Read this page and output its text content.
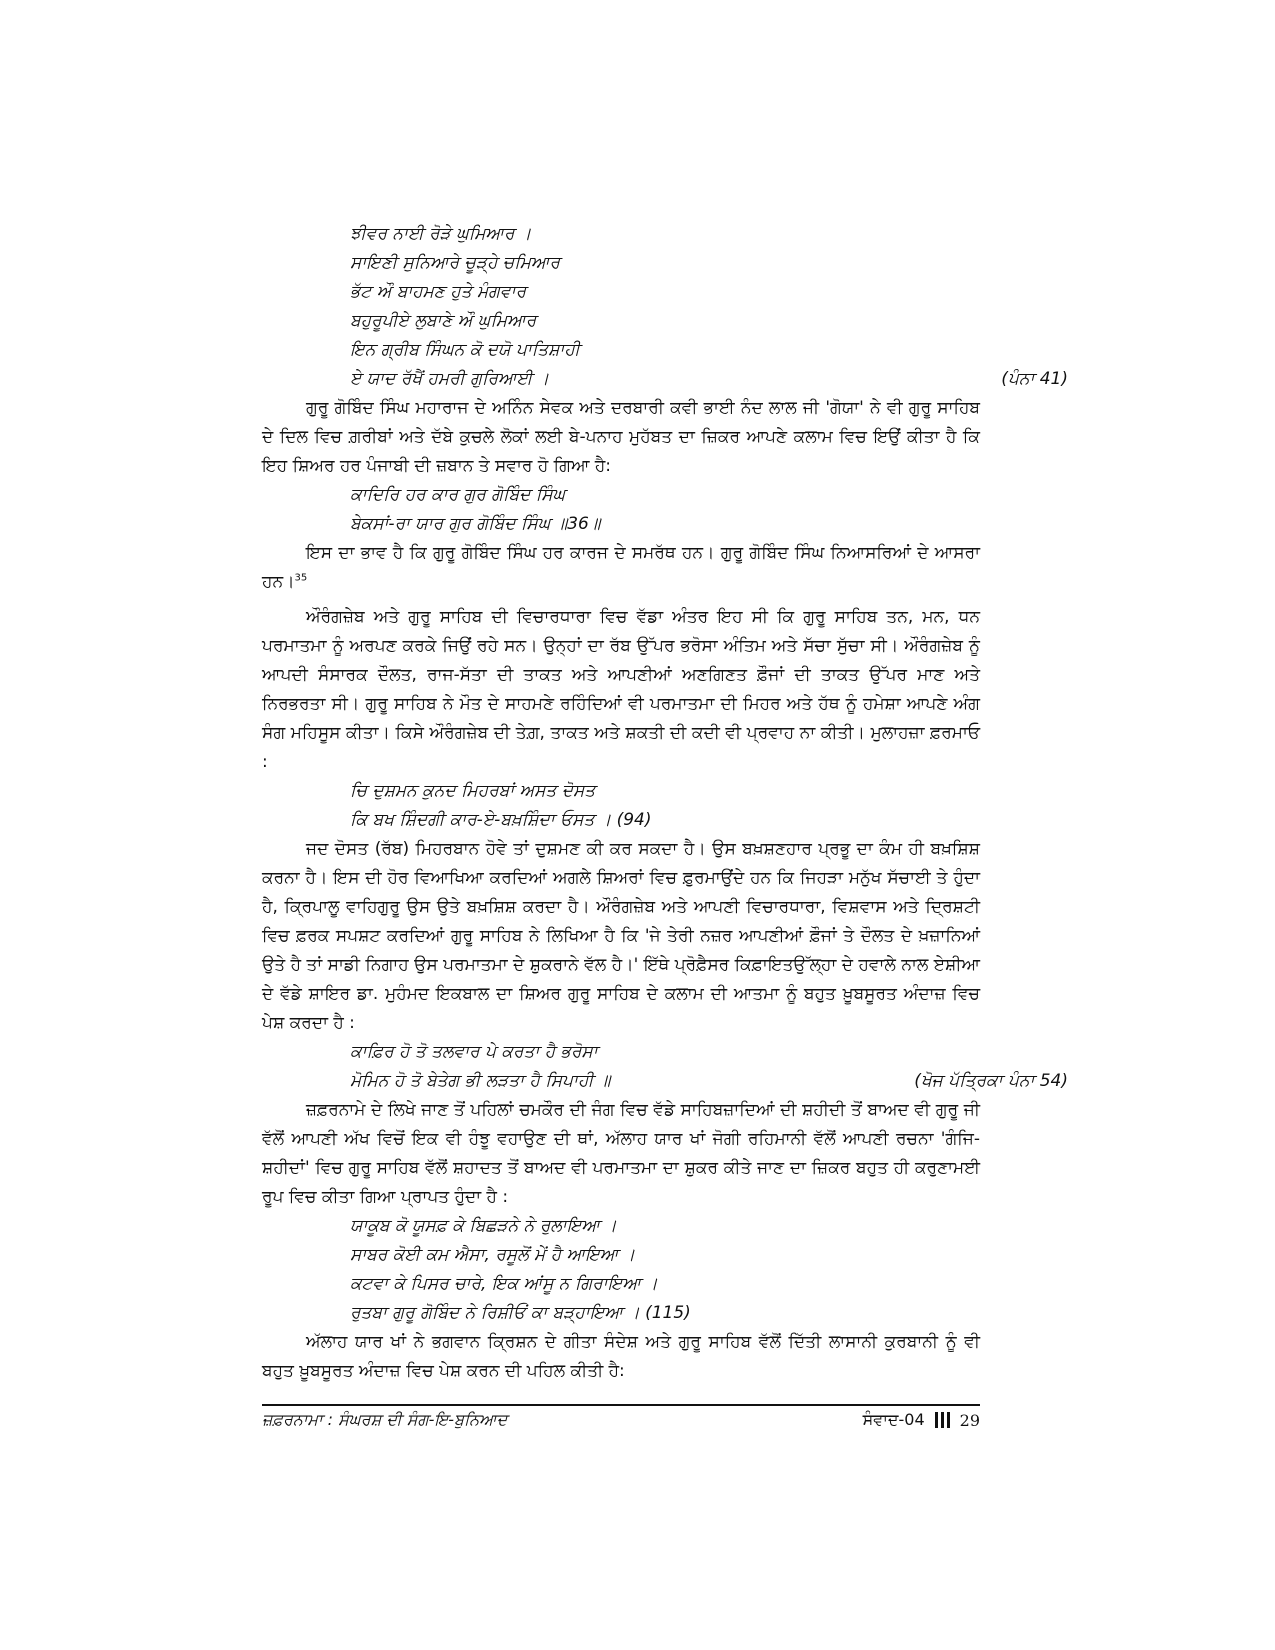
ਝੀਵਰ ਨਾਈ ਰੋੜੇ ਘੁਮਿਆਰ ।
ਸਾਇਣੀ ਸੁਨਿਆਰੇ ਚੂੜ੍ਹੇ ਚਮਿਆਰ
ਭੱਟ ਔ ਬਾਹਮਣ ਹੁਤੇ ਮੰਗਵਾਰ
ਬਹੁਰੂਪੀਏ ਲੁਬਾਣੇ ਔ ਘੁਮਿਆਰ
ਇਨ ਗ੍ਰੀਬ ਸਿੰਘਨ ਕੋ ਦਯੋ ਪਾਤਿਸ਼ਾਹੀ
ਏ ਯਾਦ ਰੱਖੈਂ ਹਮਰੀ ਗੁਰਿਆਈ ।	(ਪੰਨਾ 41)

ਗੁਰੂ ਗੋਬਿੰਦ ਸਿੰਘ ਮਹਾਰਾਜ ਦੇ ਅਨਿੰਨ ਸੇਵਕ ਅਤੇ ਦਰਬਾਰੀ ਕਵੀ ਭਾਈ ਨੰਦ ਲਾਲ ਜੀ 'ਗੋਯਾ' ਨੇ ਵੀ ਗੁਰੂ ਸਾਹਿਬ ਦੇ ਦਿਲ ਵਿਚ ਗ਼ਰੀਬਾਂ ਅਤੇ ਦੱਬੇ ਕੁਚਲੇ ਲੋਕਾਂ ਲਈ ਬੇ-ਪਨਾਹ ਮੁਹੱਬਤ ਦਾ ਜ਼ਿਕਰ ਆਪਣੇ ਕਲਾਮ ਵਿਚ ਇਉਂ ਕੀਤਾ ਹੈ ਕਿ ਇਹ ਸ਼ਿਅਰ ਹਰ ਪੰਜਾਬੀ ਦੀ ਜ਼ਬਾਨ ਤੇ ਸਵਾਰ ਹੋ ਗਿਆ ਹੈ:

ਕਾਦਿਰਿ ਹਰ ਕਾਰ ਗੁਰ ਗੋਬਿੰਦ ਸਿੰਘ
ਬੇਕਸਾਂ-ਰਾ ਯਾਰ ਗੁਰ ਗੋਬਿੰਦ ਸਿੰਘ ॥36॥

ਇਸ ਦਾ ਭਾਵ ਹੈ ਕਿ ਗੁਰੂ ਗੋਬਿੰਦ ਸਿੰਘ ਹਰ ਕਾਰਜ ਦੇ ਸਮਰੱਥ ਹਨ। ਗੁਰੂ ਗੋਬਿੰਦ ਸਿੰਘ ਨਿਆਸਰਿਆਂ ਦੇ ਆਸਰਾ ਹਨ।$^{35}$

ਔਰੰਗਜ਼ੇਬ ਅਤੇ ਗੁਰੂ ਸਾਹਿਬ ਦੀ ਵਿਚਾਰਧਾਰਾ ਵਿਚ ਵੱਡਾ ਅੰਤਰ ਇਹ ਸੀ ਕਿ ਗੁਰੂ ਸਾਹਿਬ ਤਨ, ਮਨ, ਧਨ ਪਰਮਾਤਮਾ ਨੂੰ ਅਰਪਣ ਕਰਕੇ ਜਿਉਂ ਰਹੇ ਸਨ। ਉਨ੍ਹਾਂ ਦਾ ਰੱਬ ਉੱਪਰ ਭਰੋਸਾ ਅੰਤਿਮ ਅਤੇ ਸੱਚਾ ਸੁੱਚਾ ਸੀ। ਔਰੰਗਜ਼ੇਬ ਨੂੰ ਆਪਦੀ ਸੰਸਾਰਕ ਦੌਲਤ, ਰਾਜ-ਸੱਤਾ ਦੀ ਤਾਕਤ ਅਤੇ ਆਪਣੀਆਂ ਅਣਗਿਣਤ ਫ਼ੌਜਾਂ ਦੀ ਤਾਕਤ ਉੱਪਰ ਮਾਣ ਅਤੇ ਨਿਰਭਰਤਾ ਸੀ। ਗੁਰੂ ਸਾਹਿਬ ਨੇ ਮੌਤ ਦੇ ਸਾਹਮਣੇ ਰਹਿੰਦਿਆਂ ਵੀ ਪਰਮਾਤਮਾ ਦੀ ਮਿਹਰ ਅਤੇ ਹੱਥ ਨੂੰ ਹਮੇਸ਼ਾ ਆਪਣੇ ਅੰਗ ਸੰਗ ਮਹਿਸੂਸ ਕੀਤਾ। ਕਿਸੇ ਔਰੰਗਜ਼ੇਬ ਦੀ ਤੇਗ਼, ਤਾਕਤ ਅਤੇ ਸ਼ਕਤੀ ਦੀ ਕਦੀ ਵੀ ਪ੍ਰਵਾਹ ਨਾ ਕੀਤੀ। ਮੁਲਾਹਜ਼ਾ ਫ਼ਰਮਾਓ :

ਚਿ ਦੁਸ਼ਮਨ ਕੁਨਦ ਮਿਹਰਬਾਂ ਅਸਤ ਦੋਸਤ
ਕਿ ਬਖ ਸ਼ਿੰਦਗੀ ਕਾਰ-ਏ-ਬਖ਼ਸ਼ਿੰਦਾ ਓਸਤ । (94)

ਜਦ ਦੋਸਤ (ਰੱਬ) ਮਿਹਰਬਾਨ ਹੋਵੇ ਤਾਂ ਦੁਸ਼ਮਣ ਕੀ ਕਰ ਸਕਦਾ ਹੈ। ਉਸ ਬਖ਼ਸ਼ਣਹਾਰ ਪ੍ਰਭੂ ਦਾ ਕੰਮ ਹੀ ਬਖ਼ਸ਼ਿਸ਼ ਕਰਨਾ ਹੈ। ਇਸ ਦੀ ਹੋਰ ਵਿਆਖਿਆ ਕਰਦਿਆਂ ਅਗਲੇ ਸ਼ਿਅਰਾਂ ਵਿਚ ਫ਼ੁਰਮਾਉਂਦੇ ਹਨ ਕਿ ਜਿਹੜਾ ਮਨੁੱਖ ਸੱਚਾਈ ਤੇ ਹੁੰਦਾ ਹੈ, ਕ੍ਰਿਪਾਲੂ ਵਾਹਿਗੁਰੂ ਉਸ ਉਤੇ ਬਖ਼ਸ਼ਿਸ਼ ਕਰਦਾ ਹੈ। ਔਰੰਗਜ਼ੇਬ ਅਤੇ ਆਪਣੀ ਵਿਚਾਰਧਾਰਾ, ਵਿਸ਼ਵਾਸ ਅਤੇ ਦ੍ਰਿਸ਼ਟੀ ਵਿਚ ਫ਼ਰਕ ਸਪਸ਼ਟ ਕਰਦਿਆਂ ਗੁਰੂ ਸਾਹਿਬ ਨੇ ਲਿਖਿਆ ਹੈ ਕਿ 'ਜੇ ਤੇਰੀ ਨਜ਼ਰ ਆਪਣੀਆਂ ਫ਼ੌਜਾਂ ਤੇ ਦੌਲਤ ਦੇ ਖ਼ਜ਼ਾਨਿਆਂ ਉਤੇ ਹੈ ਤਾਂ ਸਾਡੀ ਨਿਗਾਹ ਉਸ ਪਰਮਾਤਮਾ ਦੇ ਸ਼ੁਕਰਾਨੇ ਵੱਲ ਹੈ।' ਇੱਥੇ ਪ੍ਰੋਫ਼ੈਸਰ ਕਿਫ਼ਾਇਤਉੱਲ੍ਹਾ ਦੇ ਹਵਾਲੇ ਨਾਲ ਏਸ਼ੀਆ ਦੇ ਵੱਡੇ ਸ਼ਾਇਰ ਡਾ. ਮੁਹੰਮਦ ਇਕਬਾਲ ਦਾ ਸ਼ਿਅਰ ਗੁਰੂ ਸਾਹਿਬ ਦੇ ਕਲਾਮ ਦੀ ਆਤਮਾ ਨੂੰ ਬਹੁਤ ਖ਼ੂਬਸੂਰਤ ਅੰਦਾਜ਼ ਵਿਚ ਪੇਸ਼ ਕਰਦਾ ਹੈ :

ਕਾਫ਼ਿਰ ਹੋ ਤੋ ਤਲਵਾਰ ਪੇ ਕਰਤਾ ਹੈ ਭਰੋਸਾ
ਮੋਮਿਨ ਹੋ ਤੋ ਬੇਤੇਗ ਭੀ ਲੜਤਾ ਹੈ ਸਿਪਾਹੀ ॥	(ਖੋਜ ਪੱਤ੍ਰਿਕਾ ਪੰਨਾ 54)

ਜ਼ਫ਼ਰਨਾਮੇ ਦੇ ਲਿਖੇ ਜਾਣ ਤੋਂ ਪਹਿਲਾਂ ਚਮਕੌਰ ਦੀ ਜੰਗ ਵਿਚ ਵੱਡੇ ਸਾਹਿਬਜ਼ਾਦਿਆਂ ਦੀ ਸ਼ਹੀਦੀ ਤੋਂ ਬਾਅਦ ਵੀ ਗੁਰੂ ਜੀ ਵੱਲੋਂ ਆਪਣੀ ਅੱਖ ਵਿਚੋਂ ਇਕ ਵੀ ਹੰਝੂ ਵਹਾਉਣ ਦੀ ਥਾਂ, ਅੱਲਾਹ ਯਾਰ ਖਾਂ ਜੋਗੀ ਰਹਿਮਾਨੀ ਵੱਲੋਂ ਆਪਣੀ ਰਚਨਾ 'ਗੰਜਿ-ਸ਼ਹੀਦਾਂ' ਵਿਚ ਗੁਰੂ ਸਾਹਿਬ ਵੱਲੋਂ ਸ਼ਹਾਦਤ ਤੋਂ ਬਾਅਦ ਵੀ ਪਰਮਾਤਮਾ ਦਾ ਸ਼ੁਕਰ ਕੀਤੇ ਜਾਣ ਦਾ ਜ਼ਿਕਰ ਬਹੁਤ ਹੀ ਕਰੁਣਾਮਈ ਰੂਪ ਵਿਚ ਕੀਤਾ ਗਿਆ ਪ੍ਰਾਪਤ ਹੁੰਦਾ ਹੈ :

ਯਾਕੂਬ ਕੋ ਯੂਸਫ਼ ਕੇ ਬਿਛੜਨੇ ਨੇ ਰੁਲਾਇਆ ।
ਸਾਬਰ ਕੋਈ ਕਮ ਐਸਾ, ਰਸੂਲੋਂ ਮੇਂ ਹੈ ਆਇਆ ।
ਕਟਵਾ ਕੇ ਪਿਸਰ ਚਾਰੇ, ਇਕ ਆਂਸੂ ਨ ਗਿਰਾਇਆ ।
ਰੁਤਬਾ ਗੁਰੂ ਗੋਬਿੰਦ ਨੇ ਰਿਸ਼ੀਓਂ ਕਾ ਬੜ੍ਹਾਇਆ । (115)

ਅੱਲਾਹ ਯਾਰ ਖਾਂ ਨੇ ਭਗਵਾਨ ਕ੍ਰਿਸ਼ਨ ਦੇ ਗੀਤਾ ਸੰਦੇਸ਼ ਅਤੇ ਗੁਰੂ ਸਾਹਿਬ ਵੱਲੋਂ ਦਿੱਤੀ ਲਾਸਾਨੀ ਕੁਰਬਾਨੀ ਨੂੰ ਵੀ ਬਹੁਤ ਖ਼ੂਬਸੂਰਤ ਅੰਦਾਜ਼ ਵਿਚ ਪੇਸ਼ ਕਰਨ ਦੀ ਪਹਿਲ ਕੀਤੀ ਹੈ:

ਜ਼ਫ਼ਰਨਾਮਾ : ਸੰਘਰਸ਼ ਦੀ ਸੰਗ-ਇ-ਬੁਨਿਆਦ	ਸੰਵਾਦ-04 29
